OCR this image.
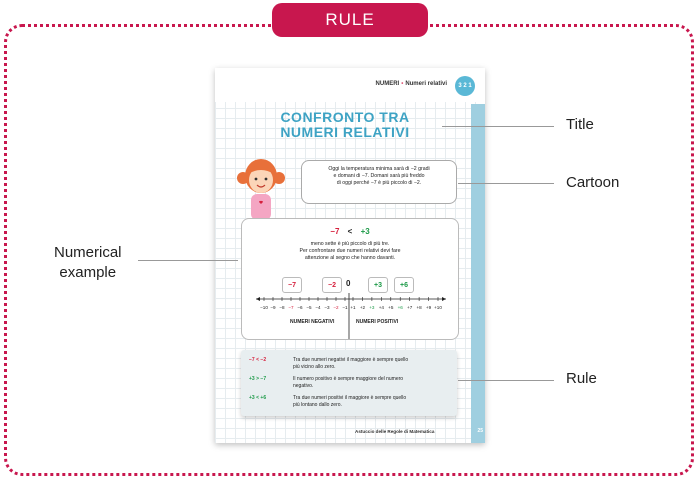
RULE
NUMERI • Numeri relativi	3 2 1
CONFRONTO TRA
NUMERI RELATIVI
Oggi la temperatura minima sarà di −2 gradi
e domani di −7. Domani sarà più freddo
di oggi perché −7 è più piccolo di −2.
−7 < +3
meno sette è più piccolo di più tre.
Per confrontare due numeri relativi devi fare
attenzione al segno che hanno davanti.
−7	−2	0	+3	+6
−10 −9 −8 −7 −6 −5 −4 −3 −2 −1 +1 +2 +3 +4 +5 +6 +7 +8 +9 +10
NUMERI NEGATIVI	NUMERI POSITIVI
−7 < −2	Tra due numeri negativi il maggiore è sempre quello
più vicino allo zero.
+3 > −7	Il numero positivo è sempre maggiore del numero
negativo.
+3 < +6	Tra due numeri positivi il maggiore è sempre quello
più lontano dallo zero.
Astuccio delle Regole di Matematica	25
Title
Cartoon
Numerical
example
Rule
